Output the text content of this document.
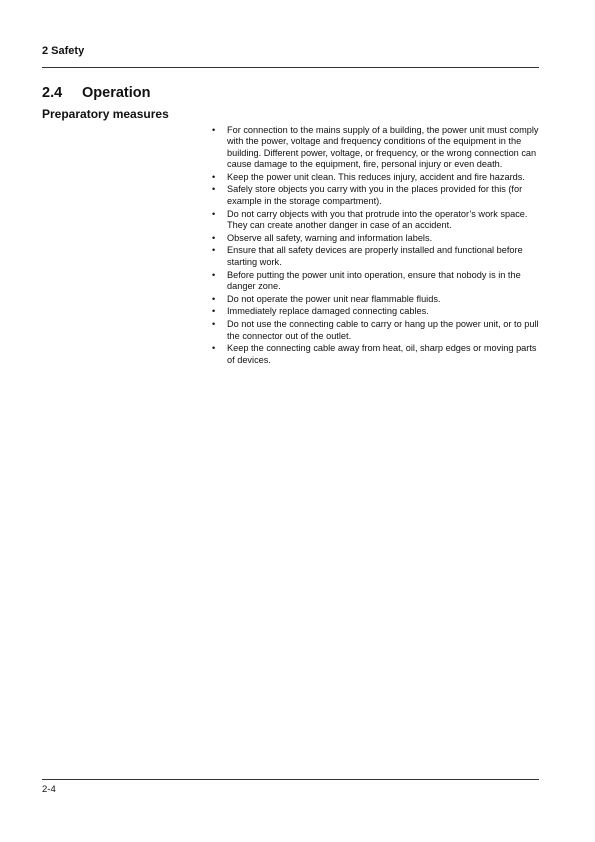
2 Safety
2.4 Operation
Preparatory measures
• For connection to the mains supply of a building, the power unit must comply with the power, voltage and frequency conditions of the equipment in the building. Different power, voltage, or frequency, or the wrong connection can cause damage to the equipment, fire, personal injury or even death.
• Keep the power unit clean. This reduces injury, accident and fire hazards.
• Safely store objects you carry with you in the places provided for this (for example in the storage compartment).
• Do not carry objects with you that protrude into the operator’s work space. They can create another danger in case of an accident.
• Observe all safety, warning and information labels.
• Ensure that all safety devices are properly installed and functional before starting work.
• Before putting the power unit into operation, ensure that nobody is in the danger zone.
• Do not operate the power unit near flammable fluids.
• Immediately replace damaged connecting cables.
• Do not use the connecting cable to carry or hang up the power unit, or to pull the connector out of the outlet.
• Keep the connecting cable away from heat, oil, sharp edges or moving parts of devices.
2-4
